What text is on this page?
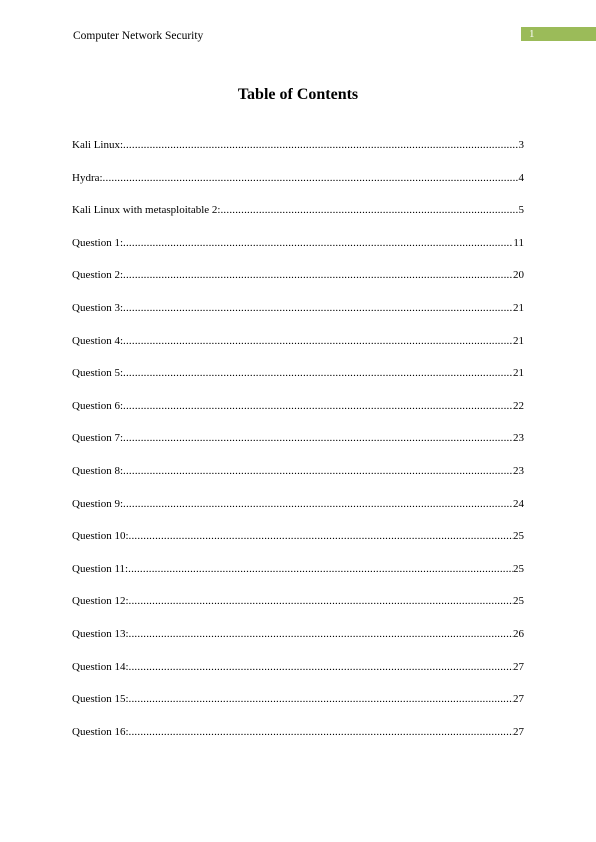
Computer Network Security	1
Table of Contents
Kali Linux: .....	3
Hydra: .....	4
Kali Linux with metasploitable 2: .....	5
Question 1: .....	11
Question 2: .....	20
Question 3: .....	21
Question 4: .....	21
Question 5: .....	21
Question 6: .....	22
Question 7: .....	23
Question 8: .....	23
Question 9: .....	24
Question 10: .....	25
Question 11: .....	25
Question 12: .....	25
Question 13: .....	26
Question 14: .....	27
Question 15: .....	27
Question 16: .....	27
